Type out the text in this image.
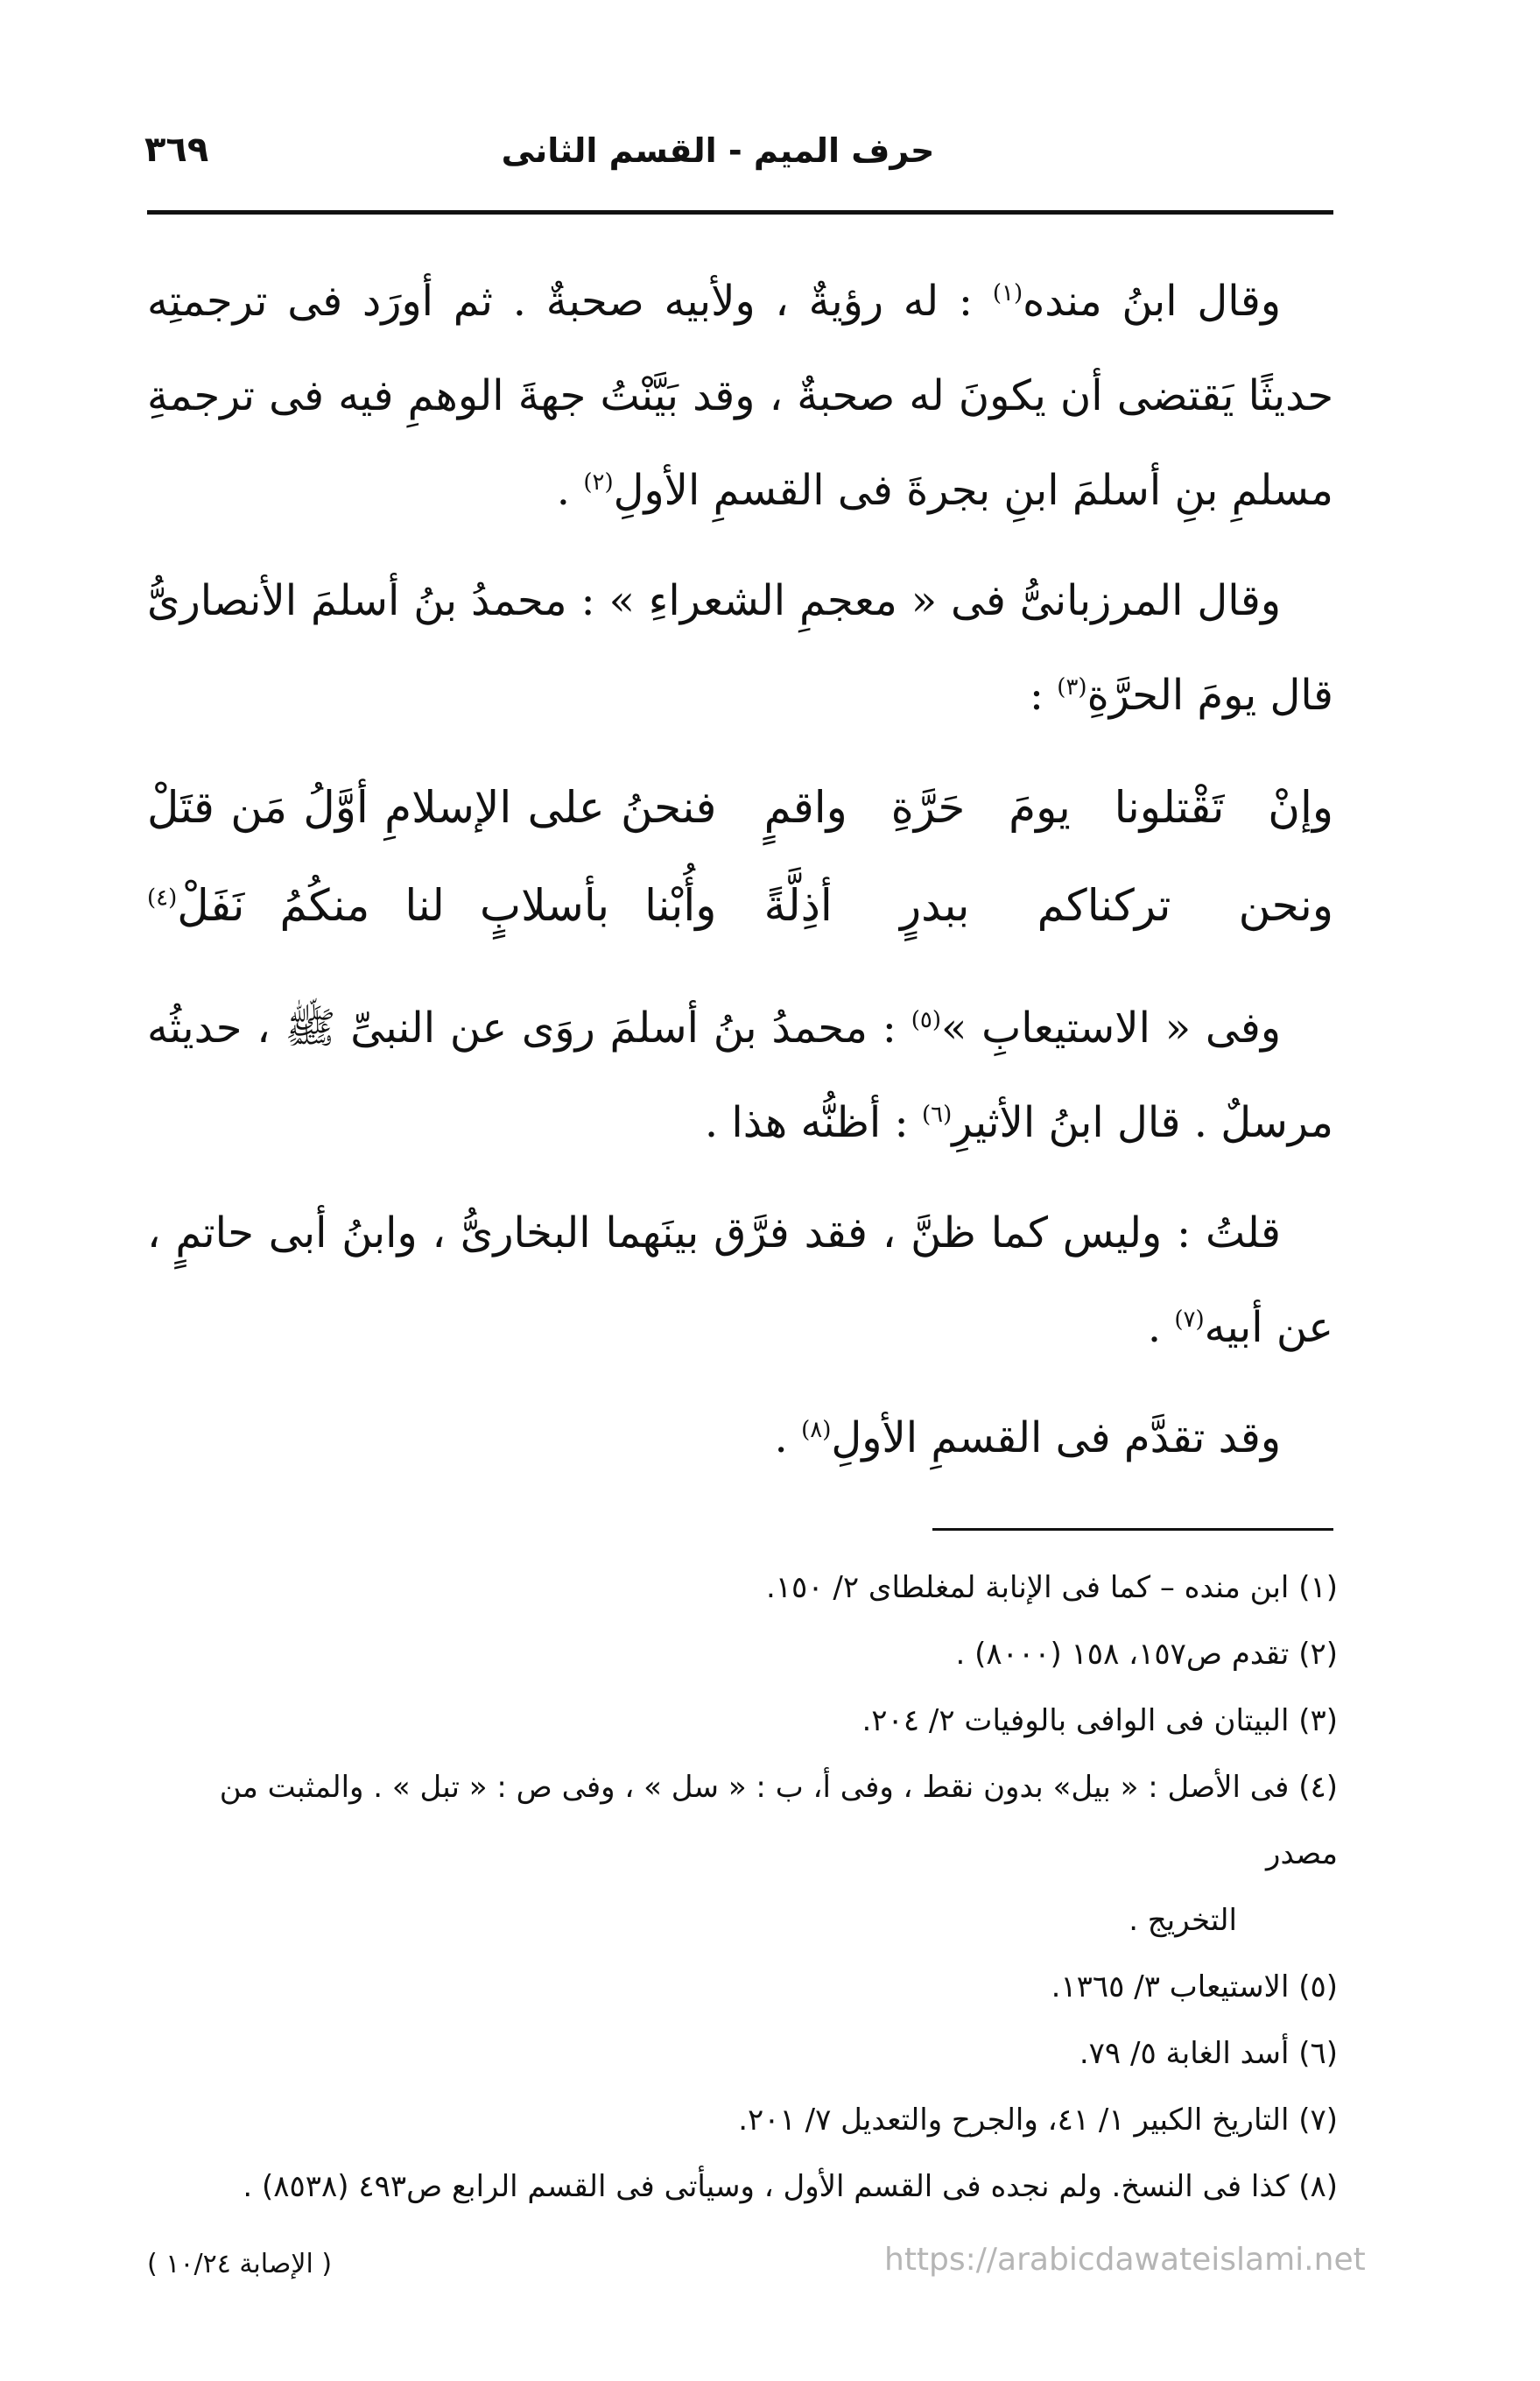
حرف الميم - القسم الثانى
٣٦٩

وقال ابنُ منده$^{(١)}$ : له رؤيةٌ ، ولأبيه صحبةٌ . ثم أورَد فى ترجمتِه حديثًا يَقتضى أن يكونَ له صحبةٌ ، وقد بَيَّنْتُ جهةَ الوهمِ فيه فى ترجمةِ مسلمِ بنِ أسلمَ ابنِ بجرةَ فى القسمِ الأولِ$^{(٢)}$ .

وقال المرزبانىُّ فى « معجمِ الشعراءِ » : محمدُ بنُ أسلمَ الأنصارىُّ قال يومَ الحرَّةِ$^{(٣)}$ :

وإنْ تَقْتلونا يومَ حَرَّةِ واقمٍ
فنحنُ على الإسلامِ أوَّلُ مَن قتَلْ
ونحن تركناكم ببدرٍ أذِلَّةً
وأُبْنا بأسلابٍ لنا منكُمُ نَفَلْ$^{(٤)}$

وفى « الاستيعابِ »$^{(٥)}$ : محمدُ بنُ أسلمَ روَى عن النبىِّ ﷺ ، حديثُه مرسلٌ . قال ابنُ الأثيرِ$^{(٦)}$ : أظنُّه هذا .

قلتُ : وليس كما ظنَّ ، فقد فرَّق بينَهما البخارىُّ ، وابنُ أبى حاتمٍ ، عن أبيه$^{(٧)}$ .

وقد تقدَّم فى القسمِ الأولِ$^{(٨)}$ .

(١) ابن منده – كما فى الإنابة لمغلطاى ٢/ ١٥٠.

(٢) تقدم ص١٥٧، ١٥٨ (٨٠٠٠) .

(٣) البيتان فى الوافى بالوفيات ٢/ ٢٠٤.

(٤) فى الأصل : « بيل» بدون نقط ، وفى أ، ب : « سل » ، وفى ص : « تبل » . والمثبت من مصدر

التخريج .

(٥) الاستيعاب ٣/ ١٣٦٥.

(٦) أسد الغابة ٥/ ٧٩.

(٧) التاريخ الكبير ١/ ٤١، والجرح والتعديل ٧/ ٢٠١.

(٨) كذا فى النسخ. ولم نجده فى القسم الأول ، وسيأتى فى القسم الرابع ص٤٩٣ (٨٥٣٨) .

( الإصابة ١٠/٢٤ )	https://arabicdawateislami.net
